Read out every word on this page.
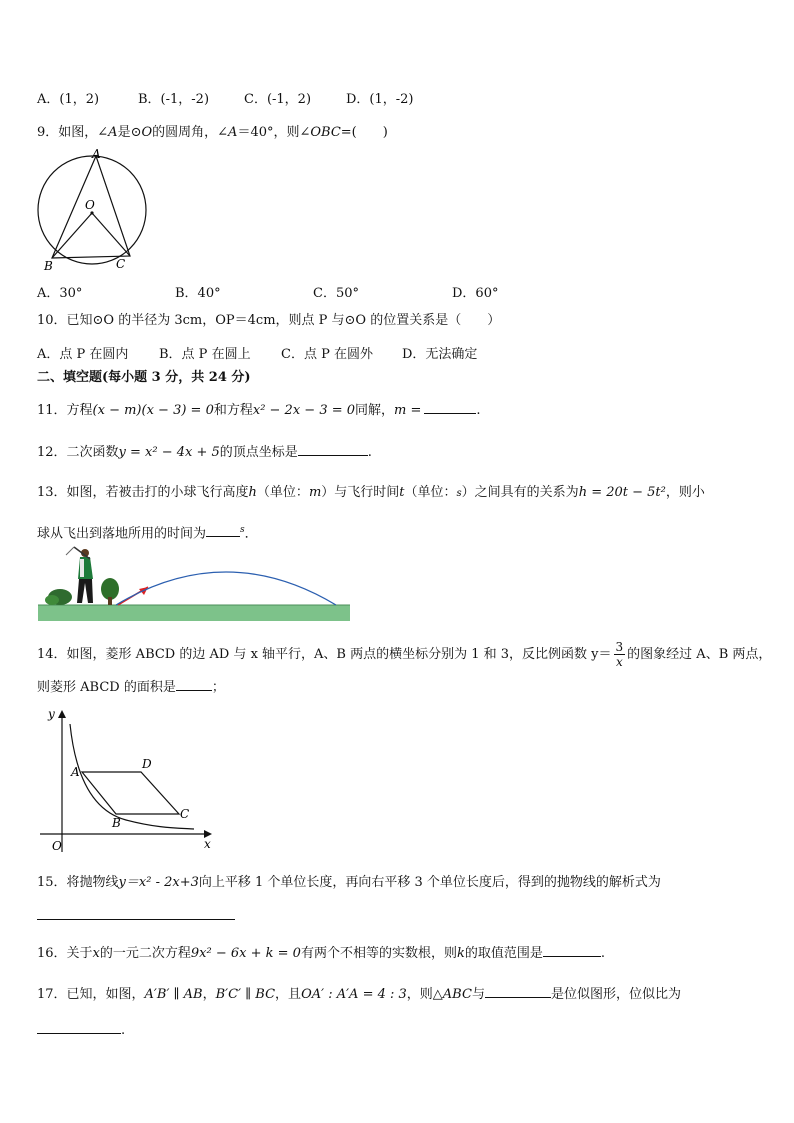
A．(1，2)	B．(-1，-2)	C．(-1，2)	D．(1，-2)
9．如图，∠A是⊙O的圆周角，∠A＝40°，则∠OBC=(　　)
A
O
B	C
A．30°	B．40°	C．50°	D．60°
10．已知⊙O 的半径为 3cm，OP＝4cm，则点 P 与⊙O 的位置关系是（　　）
A．点 P 在圆内 B．点 P 在圆上 C．点 P 在圆外 D．无法确定
二、填空题(每小题 3 分，共 24 分)
11．方程(x − m)(x − 3) = 0和方程x² − 2x − 3 = 0同解，m =	.
12．二次函数y = x² − 4x + 5的顶点坐标是	.
13．如图，若被击打的小球飞行高度h（单位：m）与飞行时间t（单位：s）之间具有的关系为h = 20t − 5t²，则小
球从飞出到落地所用的时间为	$^s$．
14．如图，菱形 ABCD 的边 AD 与 x 轴平行，A、B 两点的横坐标分别为 1 和 3，反比例函数 $y= \frac{3}{x}$ 的图象经过 A、B 两点，
则菱形 ABCD 的面积是	；
y
x
O
A
D
C
B
15．将抛物线y＝x² - 2x+3向上平移 1 个单位长度，再向右平移 3 个单位长度后，得到的抛物线的解析式为
16．关于x的一元二次方程9x² − 6x + k = 0有两个不相等的实数根，则k的取值范围是	.
17．已知，如图，A′B′ ∥ AB，B′C′ ∥ BC，且OA′ : A′A = 4 : 3，则△ABC与	是位似图形，位似比为
.
